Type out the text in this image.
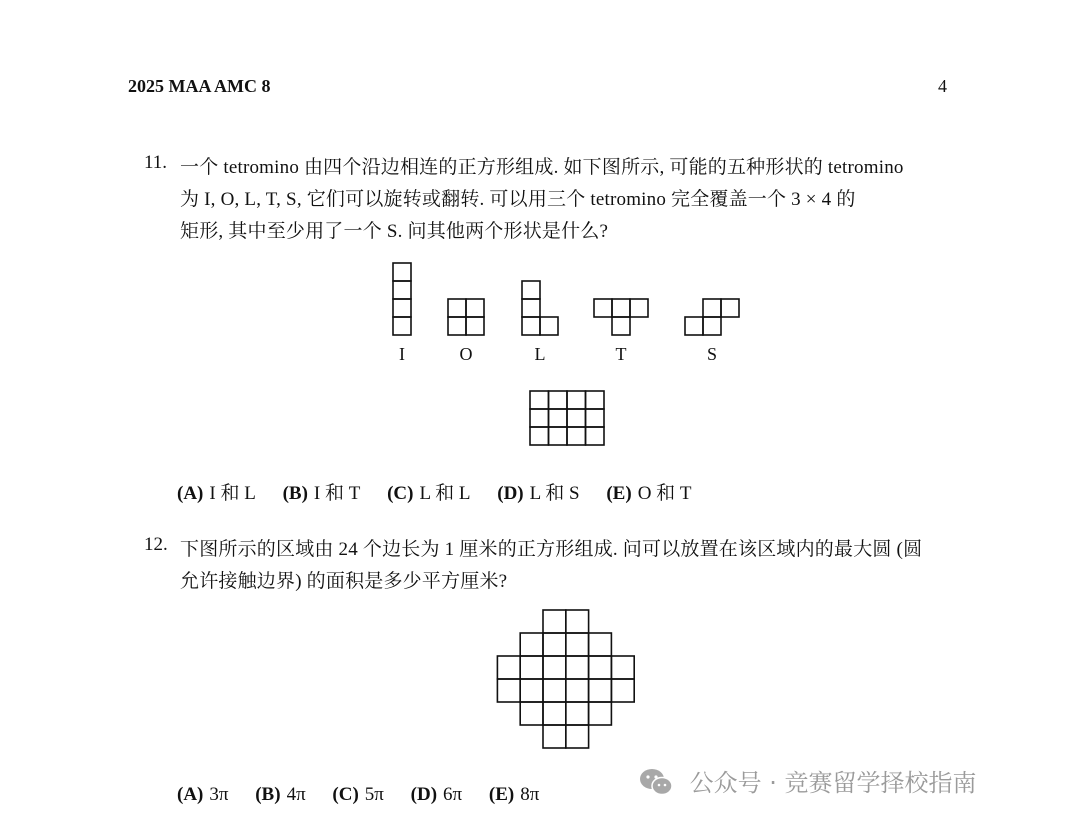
2025 MAA AMC 8	4
11. 一个 tetromino 由四个沿边相连的正方形组成. 如下图所示, 可能的五种形状的 tetromino
为 I, O, L, T, S, 它们可以旋转或翻转. 可以用三个 tetromino 完全覆盖一个 3 × 4 的
矩形, 其中至少用了一个 S. 问其他两个形状是什么?
I	O	L	T	S
(A) I 和 L (B) I 和 T (C) L 和 L (D) L 和 S (E) O 和 T
12. 下图所示的区域由 24 个边长为 1 厘米的正方形组成. 问可以放置在该区域内的最大圆 (圆
允许接触边界) 的面积是多少平方厘米?
(A) 3π (B) 4π (C) 5π (D) 6π (E) 8π	公众号 · 竞赛留学择校指南
